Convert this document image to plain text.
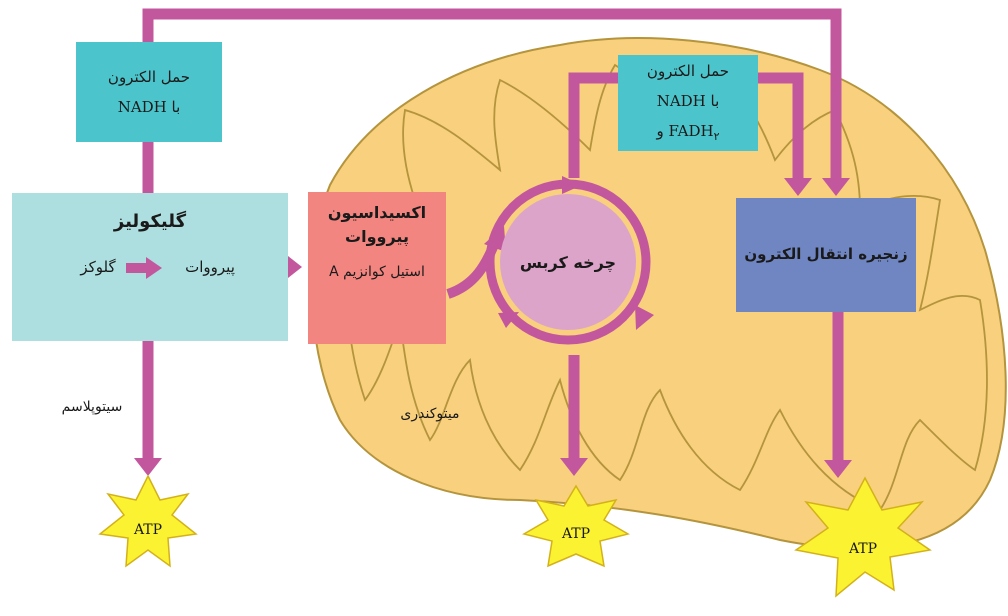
حمل الکترون
با NADH
حمل الکترون
با NADH
و $FADH_۲$
گلیکولیز
گلوکز	پیرووات
اکسیداسیون
پیرووات
استیل کوانزیم A	چرخه کربس	زنجیره انتقال الکترون
سیتوپلاسم	میتوکندری
ATP	ATP
ATP
